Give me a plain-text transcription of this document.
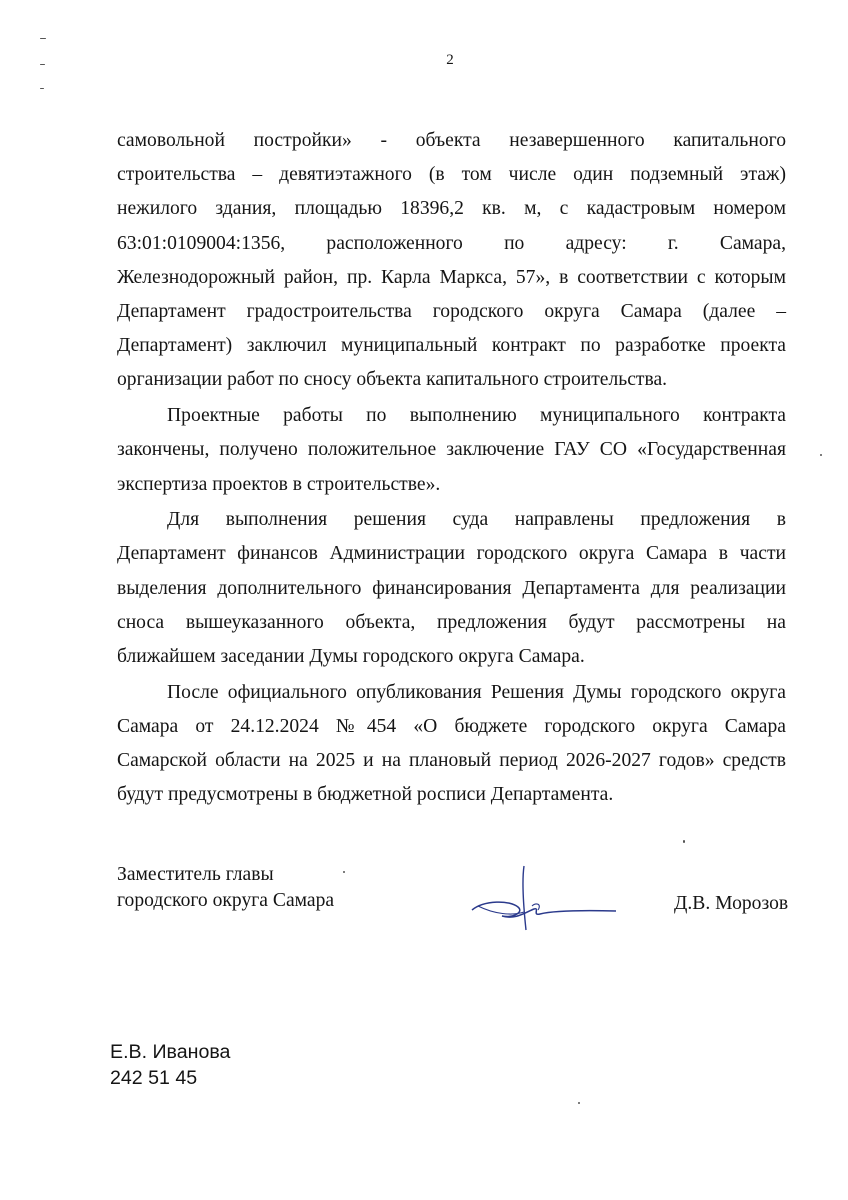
2

самовольной постройки» - объекта незавершенного капитального
строительства – девятиэтажного (в том числе один подземный этаж)
нежилого здания, площадью 18396,2 кв. м, с кадастровым номером
63:01:0109004:1356, расположенного по адресу: г. Самара,
Железнодорожный район, пр. Карла Маркса, 57», в соответствии с которым
Департамент градостроительства городского округа Самара (далее –
Департамент) заключил муниципальный контракт по разработке проекта
организации работ по сносу объекта капитального строительства.

Проектные работы по выполнению муниципального контракта
закончены, получено положительное заключение ГАУ СО «Государственная
экспертиза проектов в строительстве».

Для выполнения решения суда направлены предложения в
Департамент финансов Администрации городского округа Самара в части
выделения дополнительного финансирования Департамента для реализации
сноса вышеуказанного объекта, предложения будут рассмотрены на
ближайшем заседании Думы городского округа Самара.

После официального опубликования Решения Думы городского округа
Самара от 24.12.2024 №454 «О бюджете городского округа Самара
Самарской области на 2025 и на плановый период 2026-2027 годов» средств
будут предусмотрены в бюджетной росписи Департамента.

Заместитель главы
городского округа Самара	Д.В. Морозов
Е.В. Иванова
242 51 45
